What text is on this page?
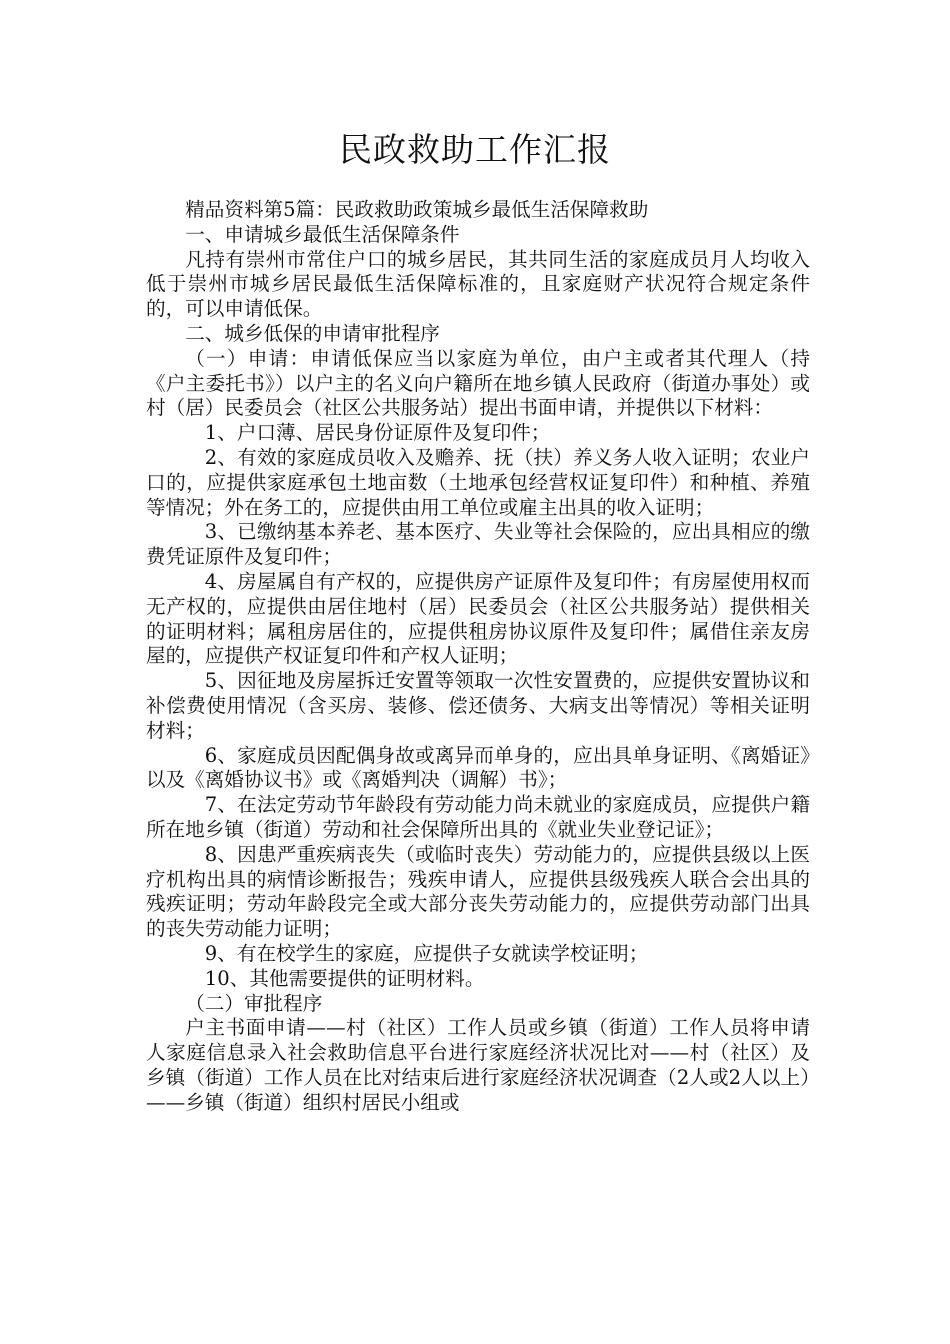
民政救助工作汇报

精品资料第5篇：民政救助政策城乡最低生活保障救助

一、申请城乡最低生活保障条件

凡持有崇州市常住户口的城乡居民，其共同生活的家庭成员月人均收入低于崇州市城乡居民最低生活保障标准的，且家庭财产状况符合规定条件的，可以申请低保。

二、城乡低保的申请审批程序

（一）申请：申请低保应当以家庭为单位，由户主或者其代理人（持《户主委托书》）以户主的名义向户籍所在地乡镇人民政府（街道办事处）或村（居）民委员会（社区公共服务站）提出书面申请，并提供以下材料：

1、户口薄、居民身份证原件及复印件；

2、有效的家庭成员收入及赡养、抚（扶）养义务人收入证明；农业户口的，应提供家庭承包土地亩数（土地承包经营权证复印件）和种植、养殖等情况；外在务工的，应提供由用工单位或雇主出具的收入证明；

3、已缴纳基本养老、基本医疗、失业等社会保险的，应出具相应的缴费凭证原件及复印件；

4、房屋属自有产权的，应提供房产证原件及复印件；有房屋使用权而无产权的，应提供由居住地村（居）民委员会（社区公共服务站）提供相关的证明材料；属租房居住的，应提供租房协议原件及复印件；属借住亲友房屋的，应提供产权证复印件和产权人证明；

5、因征地及房屋拆迁安置等领取一次性安置费的，应提供安置协议和补偿费使用情况（含买房、装修、偿还债务、大病支出等情况）等相关证明材料；

6、家庭成员因配偶身故或离异而单身的，应出具单身证明、《离婚证》以及《离婚协议书》或《离婚判决（调解）书》；

7、在法定劳动节年龄段有劳动能力尚未就业的家庭成员，应提供户籍所在地乡镇（街道）劳动和社会保障所出具的《就业失业登记证》；

8、因患严重疾病丧失（或临时丧失）劳动能力的，应提供县级以上医疗机构出具的病情诊断报告；残疾申请人，应提供县级残疾人联合会出具的残疾证明；劳动年龄段完全或大部分丧失劳动能力的，应提供劳动部门出具的丧失劳动能力证明；

9、有在校学生的家庭，应提供子女就读学校证明；

10、其他需要提供的证明材料。

（二）审批程序

户主书面申请——村（社区）工作人员或乡镇（街道）工作人员将申请人家庭信息录入社会救助信息平台进行家庭经济状况比对——村（社区）及乡镇（街道）工作人员在比对结束后进行家庭经济状况调查（2人或2人以上）——乡镇（街道）组织村居民小组或
